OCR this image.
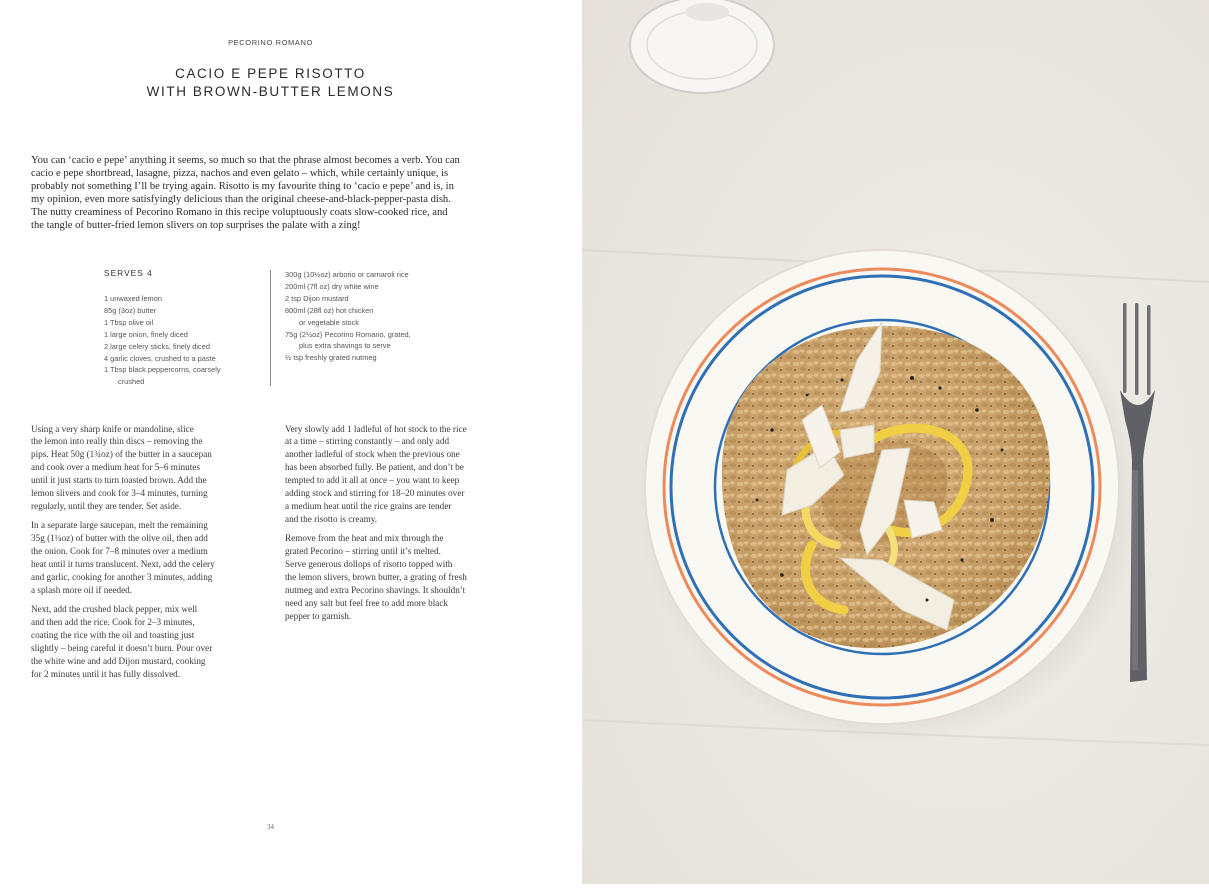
PECORINO ROMANO
CACIO E PEPE RISOTTO
WITH BROWN-BUTTER LEMONS
You can ‘cacio e pepe’ anything it seems, so much so that the phrase almost becomes a verb. You can
cacio e pepe shortbread, lasagne, pizza, nachos and even gelato – which, while certainly unique, is
probably not something I’ll be trying again. Risotto is my favourite thing to ‘cacio e pepe’ and is, in
my opinion, even more satisfyingly delicious than the original cheese-and-black-pepper-pasta dish.
The nutty creaminess of Pecorino Romano in this recipe voluptuously coats slow-cooked rice, and
the tangle of butter-fried lemon slivers on top surprises the palate with a zing!
SERVES 4
1 unwaxed lemon
85g (3oz) butter
1 Tbsp olive oil
1 large onion, finely diced
2 large celery sticks, finely diced
4 garlic cloves, crushed to a paste
1 Tbsp black peppercorns, coarsely
crushed
300g (10½oz) arborio or carnaroli rice
200ml (7fl oz) dry white wine
2 tsp Dijon mustard
800ml (28fl oz) hot chicken
or vegetable stock
75g (2½oz) Pecorino Romano, grated,
plus extra shavings to serve
½ tsp freshly grated nutmeg

Using a very sharp knife or mandoline, slice
the lemon into really thin discs – removing the
pips. Heat 50g (1¾oz) of the butter in a saucepan
and cook over a medium heat for 5–6 minutes
until it just starts to turn toasted brown. Add the
lemon slivers and cook for 3–4 minutes, turning
regularly, until they are tender. Set aside.

In a separate large saucepan, melt the remaining
35g (1¼oz) of butter with the olive oil, then add
the onion. Cook for 7–8 minutes over a medium
heat until it turns translucent. Next, add the celery
and garlic, cooking for another 3 minutes, adding
a splash more oil if needed.

Next, add the crushed black pepper, mix well
and then add the rice. Cook for 2–3 minutes,
coating the rice with the oil and toasting just
slightly – being careful it doesn’t burn. Pour over
the white wine and add Dijon mustard, cooking
for 2 minutes until it has fully dissolved.

Very slowly add 1 ladleful of hot stock to the rice
at a time – stirring constantly – and only add
another ladleful of stock when the previous one
has been absorbed fully. Be patient, and don’t be
tempted to add it all at once – you want to keep
adding stock and stirring for 18–20 minutes over
a medium heat until the rice grains are tender
and the risotto is creamy.

Remove from the heat and mix through the
grated Pecorino – stirring until it’s melted.
Serve generous dollops of risotto topped with
the lemon slivers, brown butter, a grating of fresh
nutmeg and extra Pecorino shavings. It shouldn’t
need any salt but feel free to add more black
pepper to garnish.

34
